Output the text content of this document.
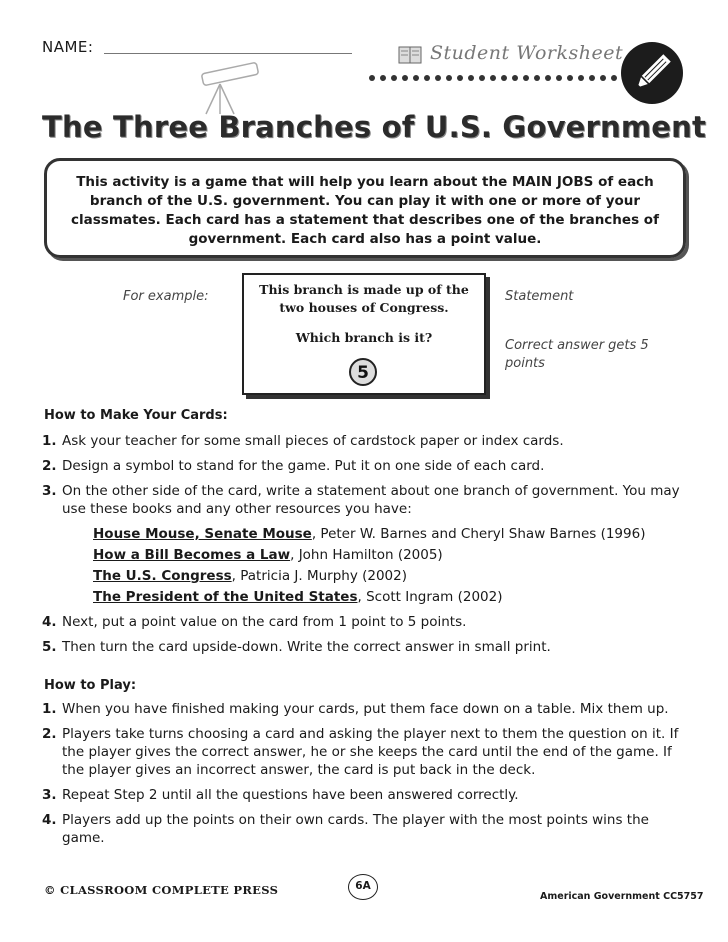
NAME:	Student Worksheet
The Three Branches of U.S. Government
This activity is a game that will help you learn about the MAIN JOBS of each branch of the U.S. government. You can play it with one or more of your classmates. Each card has a statement that describes one of the branches of government. Each card also has a point value.
For example:	This branch is made up of the two houses of Congress.
Which branch is it?
5
Statement
Correct answer gets 5 points
How to Make Your Cards:
1. Ask your teacher for some small pieces of cardstock paper or index cards.
2. Design a symbol to stand for the game. Put it on one side of each card.
3. On the other side of the card, write a statement about one branch of government. You may use these books and any other resources you have:
House Mouse, Senate Mouse, Peter W. Barnes and Cheryl Shaw Barnes (1996)
How a Bill Becomes a Law, John Hamilton (2005)
The U.S. Congress, Patricia J. Murphy (2002)
The President of the United States, Scott Ingram (2002)
4. Next, put a point value on the card from 1 point to 5 points.
5. Then turn the card upside-down. Write the correct answer in small print.
How to Play:
1. When you have finished making your cards, put them face down on a table. Mix them up.
2. Players take turns choosing a card and asking the player next to them the question on it. If the player gives the correct answer, he or she keeps the card until the end of the game. If the player gives an incorrect answer, the card is put back in the deck.
3. Repeat Step 2 until all the questions have been answered correctly.
4. Players add up the points on their own cards. The player with the most points wins the game.
© CLASSROOM COMPLETE PRESS	6A
American Government CC5757
